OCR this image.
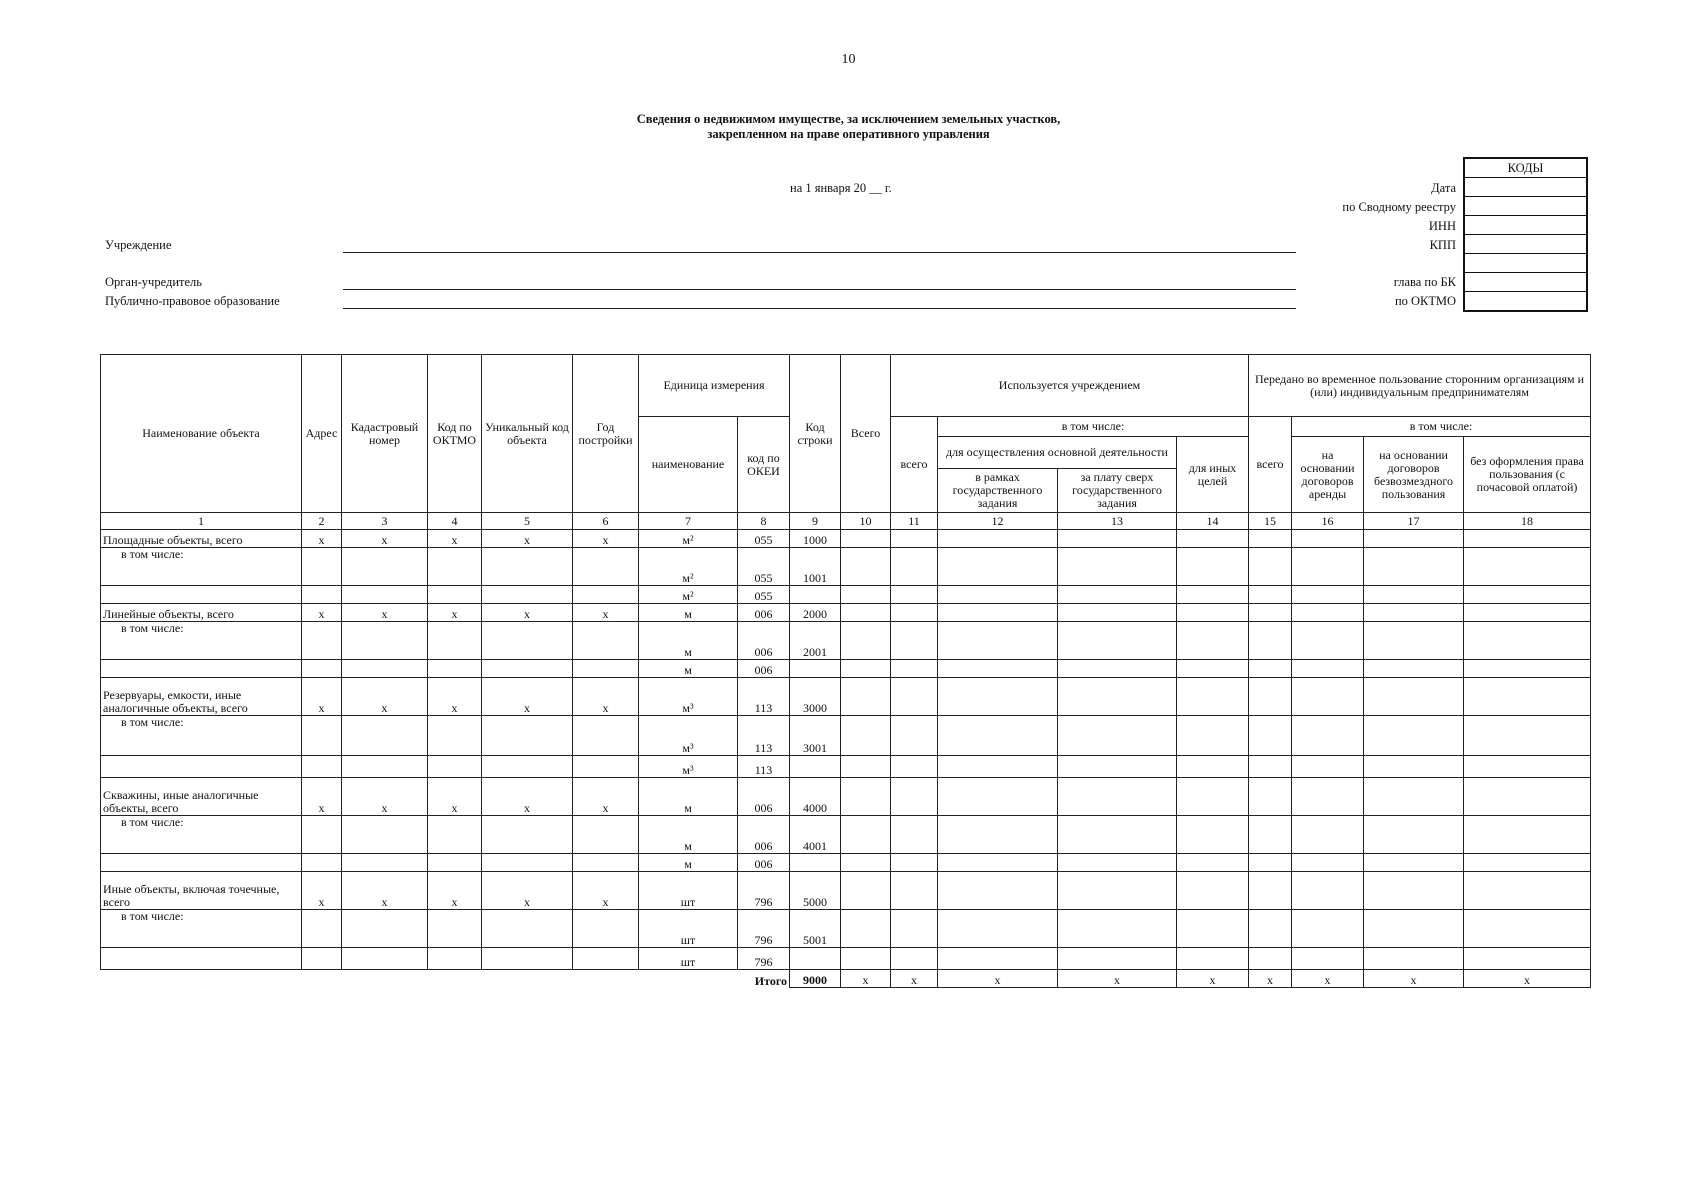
10
Сведения о недвижимом имуществе, за исключением земельных участков,
закрепленном на праве оперативного управления
на 1 января 20 __ г.
Учреждение
Орган-учредитель
Публично-правовое образование
Дата
по Сводному реестру
ИНН
КПП
глава по БК
по ОКТМО
КОДЫ

Наименование объекта	Адрес	Кадастровый номер	Код по ОКТМО	Уникальный код объекта	Год постройки	Единица измерения		Код строки	Всего	Используется учреждением				Передано во временное пользование сторонним организациям и (или) индивидуальным предпринимателям			
						наименование	код по ОКЕИ			всего	в том числе:			всего	в том числе:		
											для осуществления основной деятельности		для иных целей		на основании договоров аренды	на основании договоров безвозмездного пользования	без оформления права пользования (с почасовой оплатой)
											в рамках государственного задания	за плату сверх государственного задания					
1	2	3	4	5	6	7	8	9	10	11	12	13	14	15	16	17	18
Площадные объекты, всего	x	x	x	x	x	м²	055	1000									
в том числе:						м²	055	1001									
						м²	055										
Линейные объекты, всего	x	x	x	x	x	м	006	2000									
в том числе:						м	006	2001									
						м	006										
Резервуары, емкости, иные аналогичные объекты, всего	x	x	x	x	x	м³	113	3000									
в том числе:						м³	113	3001									
						м³	113										
Скважины, иные аналогичные объекты, всего	x	x	x	x	x	м	006	4000									
в том числе:						м	006	4001									
						м	006										
Иные объекты, включая точечные, всего	x	x	x	x	x	шт	796	5000									
в том числе:						шт	796	5001									
						шт	796										
						Итого		9000	x	x	x	x	x	x	x	x	x
